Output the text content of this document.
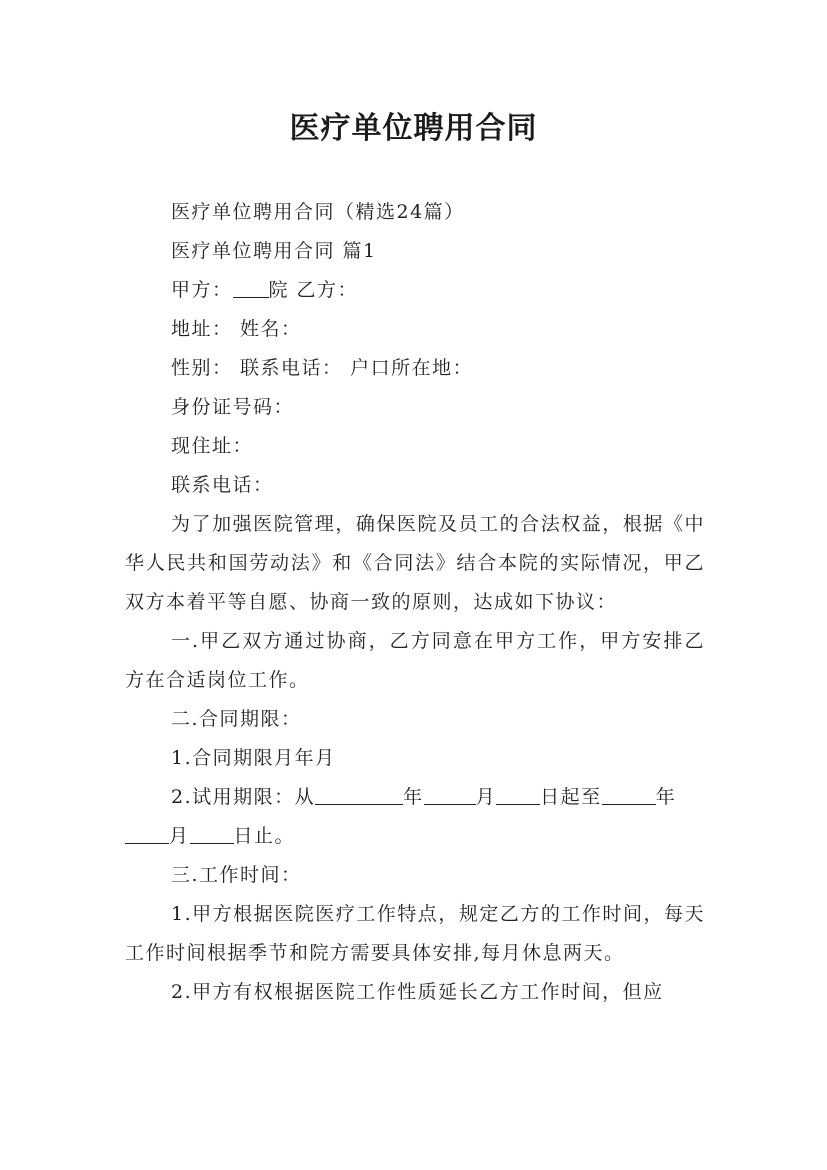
医疗单位聘用合同

医疗单位聘用合同（精选24篇）

医疗单位聘用合同 篇1

甲方： 院 乙方：

地址： 姓名：

性别： 联系电话： 户口所在地：

身份证号码：

现住址：

联系电话：

为了加强医院管理，确保医院及员工的合法权益，根据《中华人民共和国劳动法》和《合同法》结合本院的实际情况，甲乙双方本着平等自愿、协商一致的原则，达成如下协议：

一.甲乙双方通过协商，乙方同意在甲方工作，甲方安排乙方在合适岗位工作。

二.合同期限：

1.合同期限月年月

2.试用期限：从	年	月 日起至	年

月 日止。

三.工作时间：

1.甲方根据医院医疗工作特点，规定乙方的工作时间，每天工作时间根据季节和院方需要具体安排,每月休息两天。

2.甲方有权根据医院工作性质延长乙方工作时间，但应
